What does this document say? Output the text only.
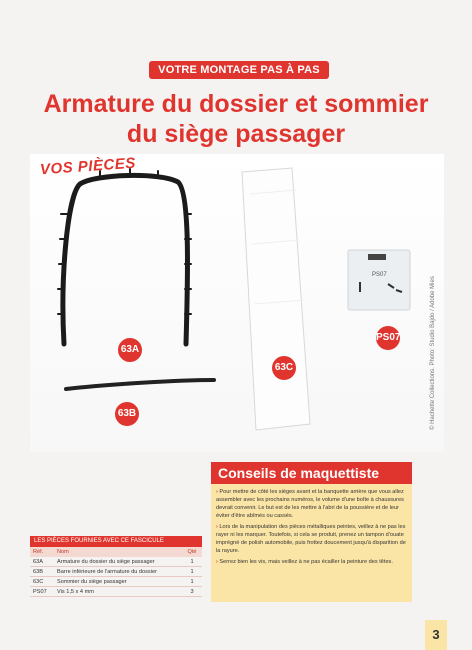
VOTRE MONTAGE PAS À PAS
Armature du dossier et sommier
du siège passager
PS07
VOS PIÈCES
63A
63B
63C
PS07	© Hachette Collections. Photo: Studio Bajdo / Adobe Mies
Conseils de maquettiste
› Pour mettre de côté les sièges avant et la banquette arrière que vous allez assembler avec les prochains numéros, le volume d'une boîte à chaussures devrait convenir. Le but est de les mettre à l'abri de la poussière et de leur éviter d'être abîmés ou cassés.
› Lors de la manipulation des pièces métalliques peintes, veillez à ne pas les rayer ni les marquer. Toutefois, si cela se produit, prenez un tampon d'ouate imprégné de polish automobile, puis frottez doucement jusqu'à disparition de la rayure.
› Serrez bien les vis, mais veillez à ne pas écailler la peinture des têtes.
LES PIÈCES FOURNIES AVEC CE FASCICULE
Réf.	Nom	Qté
63A	Armature du dossier du siège passager	1
63B	Barre inférieure de l'armature du dossier	1
63C	Sommier du siège passager	1
PS07	Vis 1,5 x 4 mm	3
3
